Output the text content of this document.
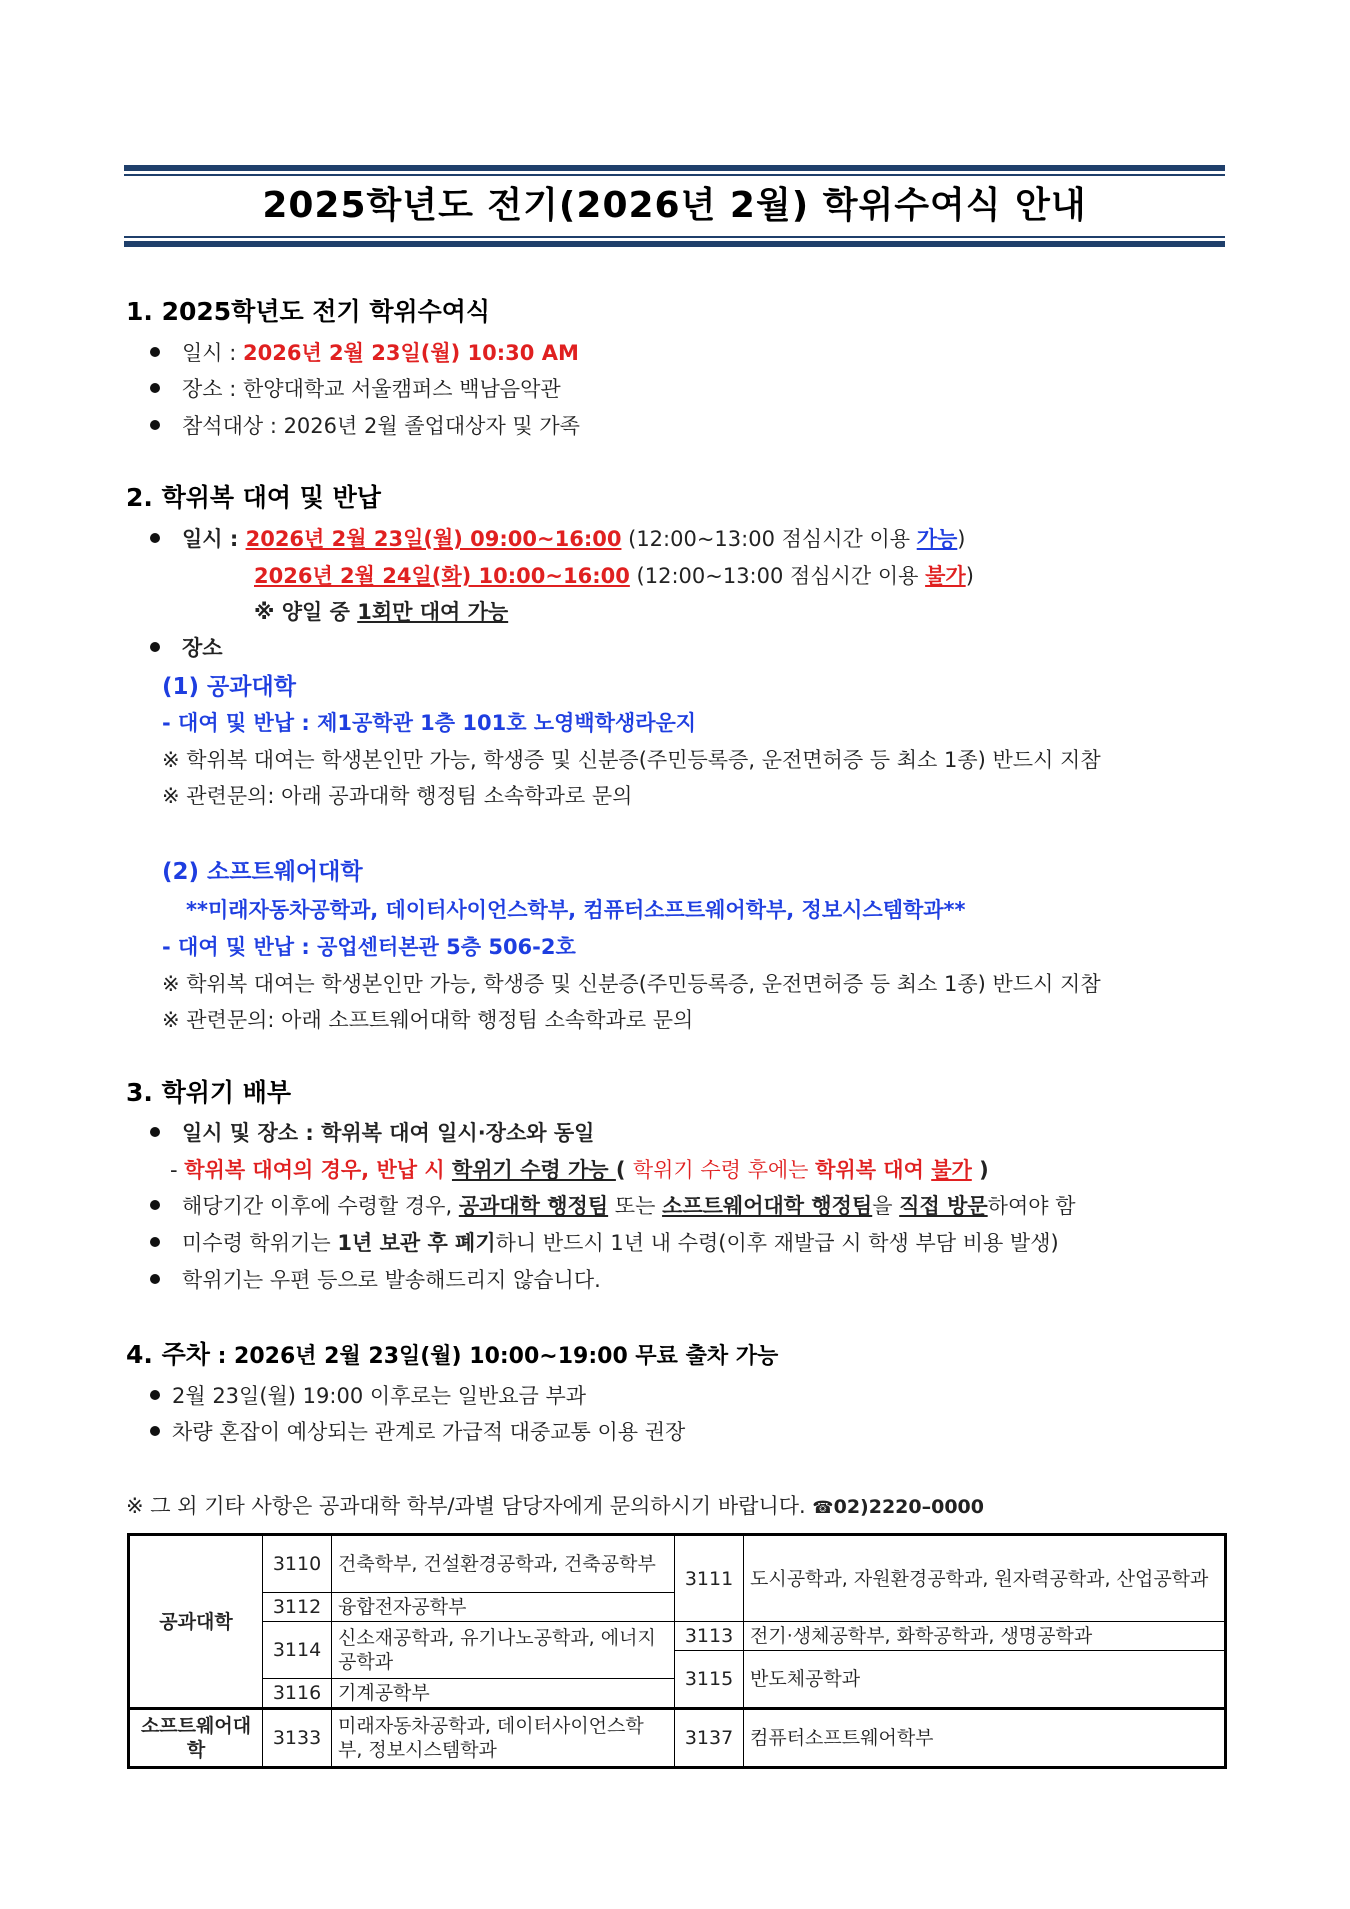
2025학년도 전기(2026년 2월) 학위수여식 안내
1. 2025학년도 전기 학위수여식
일시 : 2026년 2월 23일(월) 10:30 AM
장소 : 한양대학교 서울캠퍼스 백남음악관
참석대상 : 2026년 2월 졸업대상자 및 가족
2. 학위복 대여 및 반납
일시 : 2026년 2월 23일(월) 09:00~16:00 (12:00~13:00 점심시간 이용 가능)
2026년 2월 24일(화) 10:00~16:00 (12:00~13:00 점심시간 이용 불가)
※ 양일 중 1회만 대여 가능
장소
(1) 공과대학
- 대여 및 반납 : 제1공학관 1층 101호 노영백학생라운지
※ 학위복 대여는 학생본인만 가능, 학생증 및 신분증(주민등록증, 운전면허증 등 최소 1종) 반드시 지참
※ 관련문의: 아래 공과대학 행정팀 소속학과로 문의
(2) 소프트웨어대학
**미래자동차공학과, 데이터사이언스학부, 컴퓨터소프트웨어학부, 정보시스템학과**
- 대여 및 반납 : 공업센터본관 5층 506-2호
※ 학위복 대여는 학생본인만 가능, 학생증 및 신분증(주민등록증, 운전면허증 등 최소 1종) 반드시 지참
※ 관련문의: 아래 소프트웨어대학 행정팀 소속학과로 문의
3. 학위기 배부
일시 및 장소 : 학위복 대여 일시·장소와 동일
- 학위복 대여의 경우, 반납 시 학위기 수령 가능 ( 학위기 수령 후에는 학위복 대여 불가 )
해당기간 이후에 수령할 경우, 공과대학 행정팀 또는 소프트웨어대학 행정팀을 직접 방문하여야 함
미수령 학위기는 1년 보관 후 폐기하니 반드시 1년 내 수령(이후 재발급 시 학생 부담 비용 발생)
학위기는 우편 등으로 발송해드리지 않습니다.
4. 주차 : 2026년 2월 23일(월) 10:00~19:00 무료 출차 가능
2월 23일(월) 19:00 이후로는 일반요금 부과
차량 혼잡이 예상되는 관계로 가급적 대중교통 이용 권장
※ 그 외 기타 사항은 공과대학 학부/과별 담당자에게 문의하시기 바랍니다. ☎02)2220–0000
공과대학	3110	건축학부, 건설환경공학과, 건축공학부	3111	도시공학과, 자원환경공학과, 원자력공학과, 산업공학과

	3112	융합전자공학부		
	3114	신소재공학과, 유기나노공학과, 에너지공학과	3113	전기·생체공학부, 화학공학과, 생명공학과
			3115	반도체공학과
	3116	기계공학부		
소프트웨어대학	3133	미래자동차공학과, 데이터사이언스학부, 정보시스템학과	3137	컴퓨터소프트웨어학부
